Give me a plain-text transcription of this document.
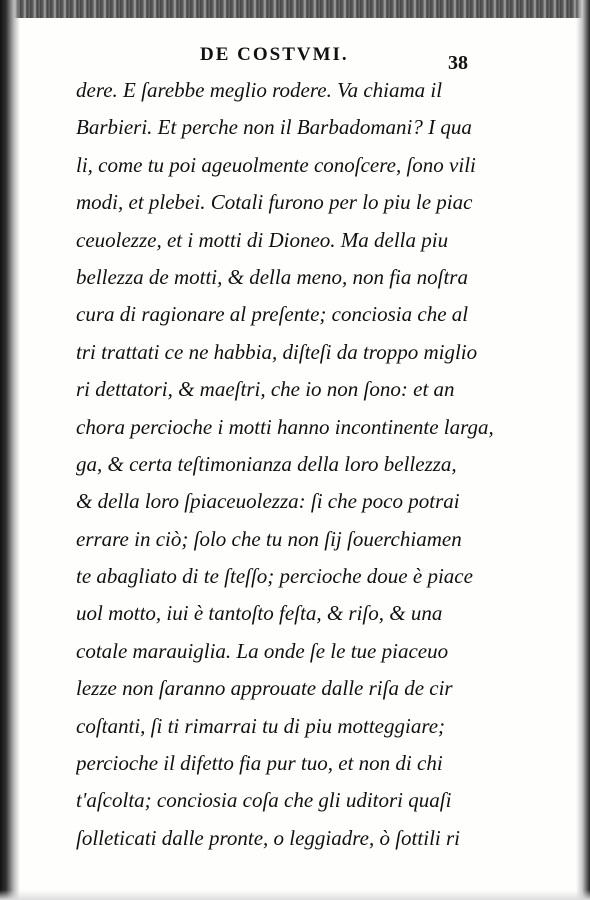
DE COSTVMI.	38
dere. E ſarebbe meglio rodere. Va chiama il
Barbieri. Et perche non il Barbadomani? I qua
li, come tu poi ageuolmente conoſcere, ſono vili
modi, et plebei. Cotali furono per lo piu le piac
ceuolezze, et i motti di Dioneo. Ma della piu
bellezza de motti, & della meno, non fia noſtra
cura di ragionare al preſente; conciosia che al
tri trattati ce ne habbia, diſteſi da troppo miglio
ri dettatori, & maeſtri, che io non ſono: et an
chora percioche i motti hanno incontinente larga,
ga, & certa teſtimonianza della loro bellezza,
& della loro ſpiaceuolezza: ſi che poco potrai
errare in ciò; ſolo che tu non ſij ſouerchiamen
te abagliato di te ſteſſo; percioche doue è piace
uol motto, iui è tantoſto feſta, & riſo, & una
cotale marauiglia. La onde ſe le tue piaceuo
lezze non ſaranno approuate dalle riſa de cir
coſtanti, ſi ti rimarrai tu di piu motteggiare;
percioche il difetto fia pur tuo, et non di chi
t'aſcolta; conciosia coſa che gli uditori quaſi
ſolleticati dalle pronte, o leggiadre, ò ſottili ri
